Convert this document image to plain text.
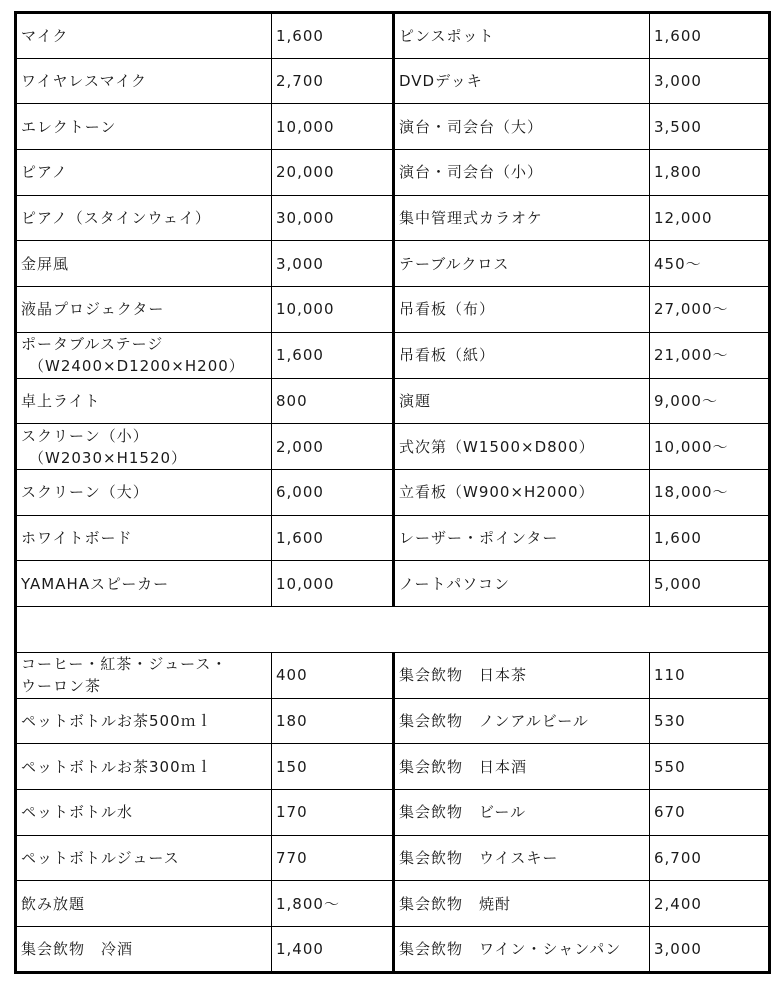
マイク	1,600	ピンスポット	1,600

ワイヤレスマイク	2,700	DVDデッキ	3,000

エレクトーン	10,000	演台・司会台（大）	3,500

ピアノ	20,000	演台・司会台（小）	1,800

ピアノ（スタインウェイ）	30,000	集中管理式カラオケ	12,000

金屏風	3,000	テーブルクロス	450～

液晶プロジェクター	10,000	吊看板（布）	27,000～

ポータブルステージ
（W2400×D1200×H200）	1,600	吊看板（紙）	21,000～

卓上ライト	800	演題	9,000～

スクリーン（小）
（W2030×H1520）	2,000	式次第（W1500×D800）	10,000～

スクリーン（大）	6,000	立看板（W900×H2000）	18,000～

ホワイトボード	1,600	レーザー・ポインター	1,600

YAMAHAスピーカー	10,000	ノートパソコン	5,000

コーヒー・紅茶・ジュース・
ウーロン茶	400	集会飲物　日本茶	110

ペットボトルお茶500ｍｌ	180	集会飲物　ノンアルビール	530

ペットボトルお茶300ｍｌ	150	集会飲物　日本酒	550

ペットボトル水	170	集会飲物　ビール	670

ペットボトルジュース	770	集会飲物　ウイスキー	6,700

飲み放題	1,800～	集会飲物　焼酎	2,400

集会飲物　冷酒	1,400	集会飲物　ワイン・シャンパン	3,000
